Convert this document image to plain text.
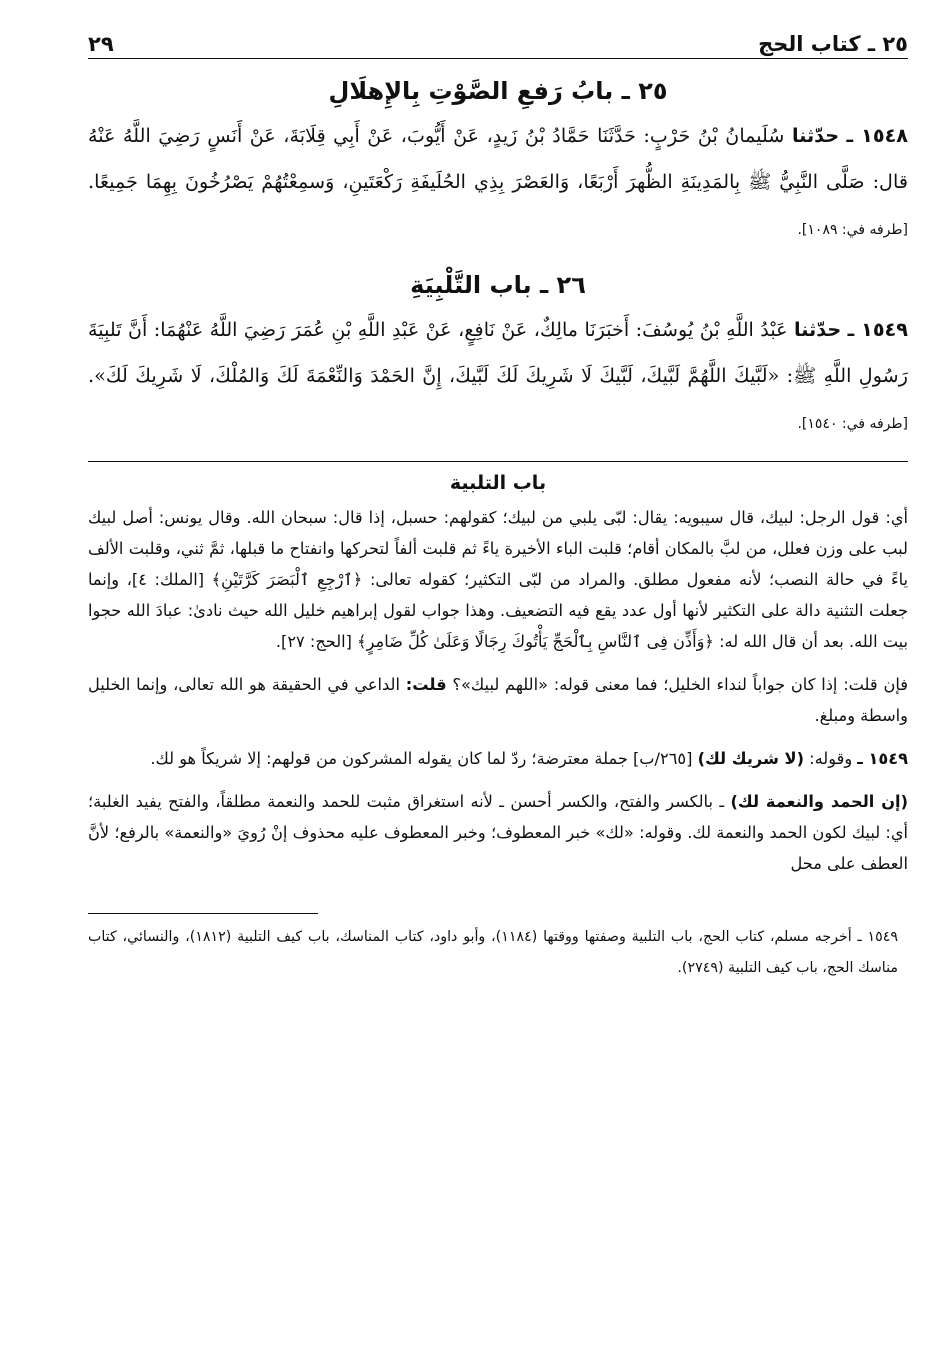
٢٥ ـ كتاب الحج
٢٩
٢٥ ـ بابُ رَفعِ الصَّوْتِ بِالإِهلَالِ

١٥٤٨ ـ حدّثنا سُلَيمانُ بْنُ حَرْبٍ: حَدَّثَنَا حَمَّادُ بْنُ زَيدٍ، عَنْ أَيُّوبَ، عَنْ أَبِي قِلَابَةَ، عَنْ أَنَسٍ رَضِيَ اللَّهُ عَنْهُ قال: صَلَّى النَّبِيُّ ﷺ بِالمَدِينَةِ الظُّهرَ أَرْبَعًا، وَالعَصْرَ بِذِي الحُلَيفَةِ رَكْعَتَينِ، وَسمِعْتُهُمْ يَصْرُخُونَ بِهِمَا جَمِيعًا. [طرفه في: ١٠٨٩].

٢٦ ـ باب التَّلْبِيَةِ

١٥٤٩ ـ حدّثنا عَبْدُ اللَّهِ بْنُ يُوسُفَ: أَخبَرَنَا مالِكٌ، عَنْ نَافِعٍ، عَنْ عَبْدِ اللَّهِ بْنِ عُمَرَ رَضِيَ اللَّهُ عَنْهُمَا: أَنَّ تَلبِيَةَ رَسُولِ اللَّهِ ﷺ: «لَبَّيكَ اللَّهُمَّ لَبَّيكَ، لَبَّيكَ لَا شَرِيكَ لَكَ لَبَّيكَ، إِنَّ الحَمْدَ وَالنِّعْمَةَ لَكَ وَالمُلْكَ، لَا شَرِيكَ لَكَ». [طرفه في: ١٥٤٠].

باب التلبية

أي: قول الرجل: لبيك، قال سيبويه: يقال: لبّى يلبي من لبيك؛ كقولهم: حسبل، إذا قال: سبحان الله. وقال يونس: أصل لبيك لبب على وزن فعلل، من لبَّ بالمكان أقام؛ قلبت الباء الأخيرة ياءً ثم قلبت ألفاً لتحركها وانفتاح ما قبلها، ثمَّ ثني، وقلبت الألف ياءً في حالة النصب؛ لأنه مفعول مطلق. والمراد من لبّى التكثير؛ كقوله تعالى: ﴿ٱرْجِعِ ٱلْبَصَرَ كَرَّتَيْنِ﴾ [الملك: ٤]، وإنما جعلت التثنية دالة على التكثير لأنها أول عدد يقع فيه التضعيف. وهذا جواب لقول إبراهيم خليل الله حيث نادىٰ: عبادَ الله حجوا بيت الله. بعد أن قال الله له: ﴿وَأَذِّن فِى ٱلنَّاسِ بِٱلْحَجِّ يَأْتُوكَ رِجَالًا وَعَلَىٰ كُلِّ ضَامِرٍ﴾ [الحج: ٢٧].

فإن قلت: إذا كان جواباً لنداء الخليل؛ فما معنى قوله: «اللهم لبيك»؟ قلت: الداعي في الحقيقة هو الله تعالى، وإنما الخليل واسطة ومبلغ.

١٥٤٩ ـ وقوله: (لا شريك لك) [٢٦٥/ب] جملة معترضة؛ ردّ لما كان يقوله المشركون من قولهم: إلا شريكاً هو لك.

(إن الحمد والنعمة لك) ـ بالكسر والفتح، والكسر أحسن ـ لأنه استغراق مثبت للحمد والنعمة مطلقاً، والفتح يفيد الغلبة؛ أي: لبيك لكون الحمد والنعمة لك. وقوله: «لك» خبر المعطوف؛ وخبر المعطوف عليه محذوف إنْ رُويَ «والنعمة» بالرفع؛ لأنَّ العطف على محل

١٥٤٩ ـ أخرجه مسلم، كتاب الحج، باب التلبية وصفتها ووقتها (١١٨٤)، وأبو داود، كتاب المناسك، باب كيف التلبية (١٨١٢)، والنسائي، كتاب مناسك الحج، باب كيف التلبية (٢٧٤٩).
